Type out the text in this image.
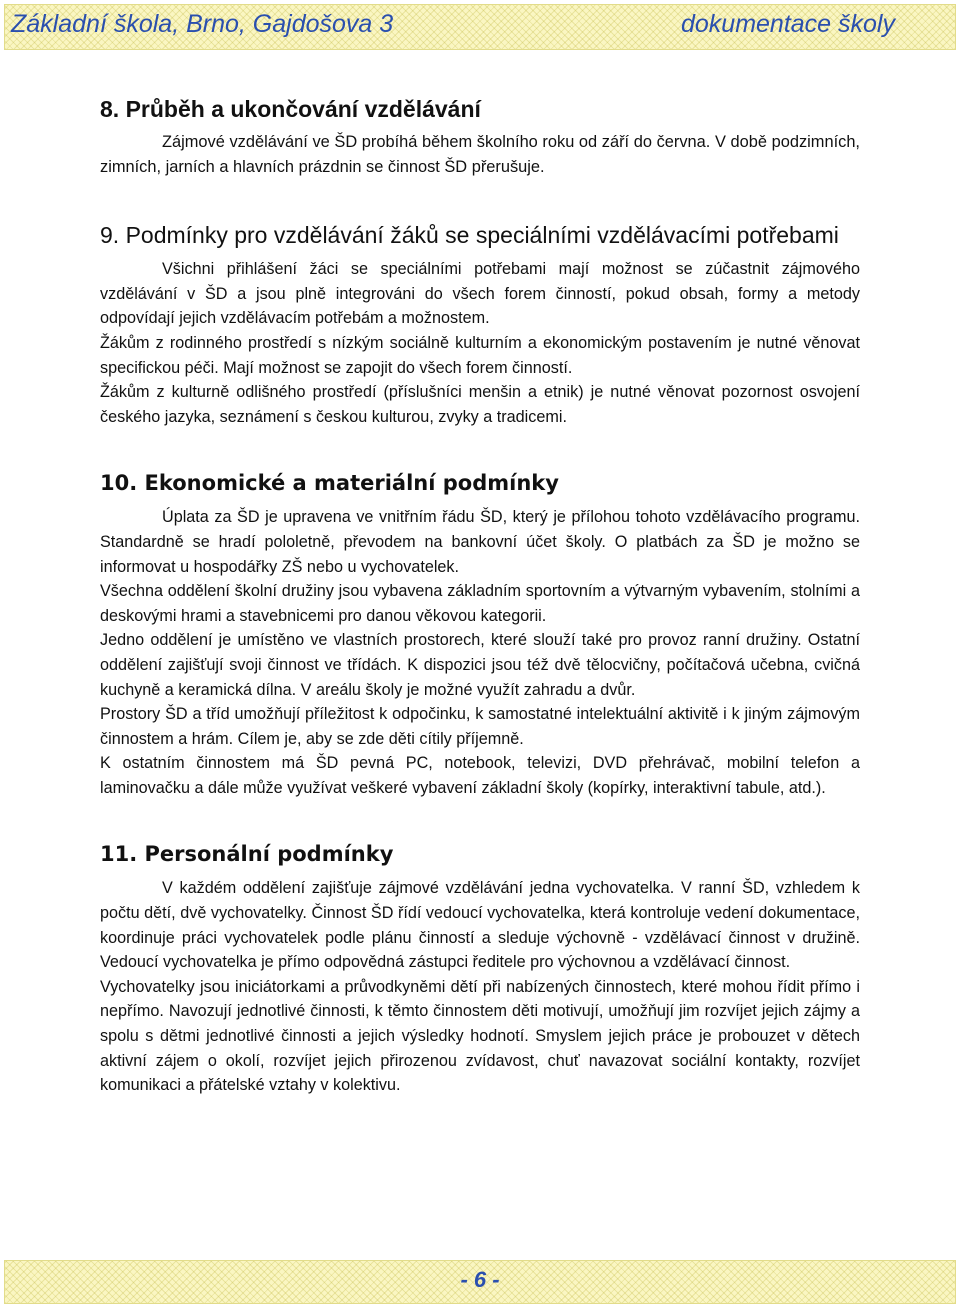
Základní škola, Brno, Gajdošova 3	dokumentace školy
8. Průběh a ukončování vzdělávání

Zájmové vzdělávání ve ŠD probíhá během školního roku od září do června. V době podzimních, zimních, jarních a hlavních prázdnin se činnost ŠD přerušuje.

9. Podmínky pro vzdělávání žáků se speciálními vzdělávacími potřebami

Všichni přihlášení žáci se speciálními potřebami mají možnost se zúčastnit zájmového vzdělávání v ŠD a jsou plně integrováni do všech forem činností, pokud obsah, formy a metody odpovídají jejich vzdělávacím potřebám a možnostem.

Žákům z rodinného prostředí s nízkým sociálně kulturním a ekonomickým postavením je nutné věnovat specifickou péči. Mají možnost se zapojit do všech forem činností.

Žákům z kulturně odlišného prostředí (příslušníci menšin a etnik) je nutné věnovat pozornost osvojení českého jazyka, seznámení s českou kulturou, zvyky a tradicemi.

10. Ekonomické a materiální podmínky

Úplata za ŠD je upravena ve vnitřním řádu ŠD, který je přílohou tohoto vzdělávacího programu. Standardně se hradí pololetně, převodem na bankovní účet školy. O platbách za ŠD je možno se informovat u hospodářky ZŠ nebo u vychovatelek.

Všechna oddělení školní družiny jsou vybavena základním sportovním a výtvarným vybavením, stolními a deskovými hrami a stavebnicemi pro danou věkovou kategorii.

Jedno oddělení je umístěno ve vlastních prostorech, které slouží také pro provoz ranní družiny. Ostatní oddělení zajišťují svoji činnost ve třídách. K dispozici jsou též dvě tělocvičny, počítačová učebna, cvičná kuchyně a keramická dílna. V areálu školy je možné využít zahradu a dvůr.

Prostory ŠD a tříd umožňují příležitost k odpočinku, k samostatné intelektuální aktivitě i k jiným zájmovým činnostem a hrám. Cílem je, aby se zde děti cítily příjemně.

K ostatním činnostem má ŠD pevná PC, notebook, televizi, DVD přehrávač, mobilní telefon a laminovačku a dále může využívat veškeré vybavení základní školy (kopírky, interaktivní tabule, atd.).

11. Personální podmínky

V každém oddělení zajišťuje zájmové vzdělávání jedna vychovatelka. V ranní ŠD, vzhledem k počtu dětí, dvě vychovatelky. Činnost ŠD řídí vedoucí vychovatelka, která kontroluje vedení dokumentace, koordinuje práci vychovatelek podle plánu činností a sleduje výchovně - vzdělávací činnost v družině. Vedoucí vychovatelka je přímo odpovědná zástupci ředitele pro výchovnou a vzdělávací činnost.

Vychovatelky jsou iniciátorkami a průvodkyněmi dětí při nabízených činnostech, které mohou řídit přímo i nepřímo. Navozují jednotlivé činnosti, k těmto činnostem děti motivují, umožňují jim rozvíjet jejich zájmy a spolu s dětmi jednotlivé činnosti a jejich výsledky hodnotí. Smyslem jejich práce je probouzet v dětech aktivní zájem o okolí, rozvíjet jejich přirozenou zvídavost, chuť navazovat sociální kontakty, rozvíjet komunikaci a přátelské vztahy v kolektivu.

- 6 -
